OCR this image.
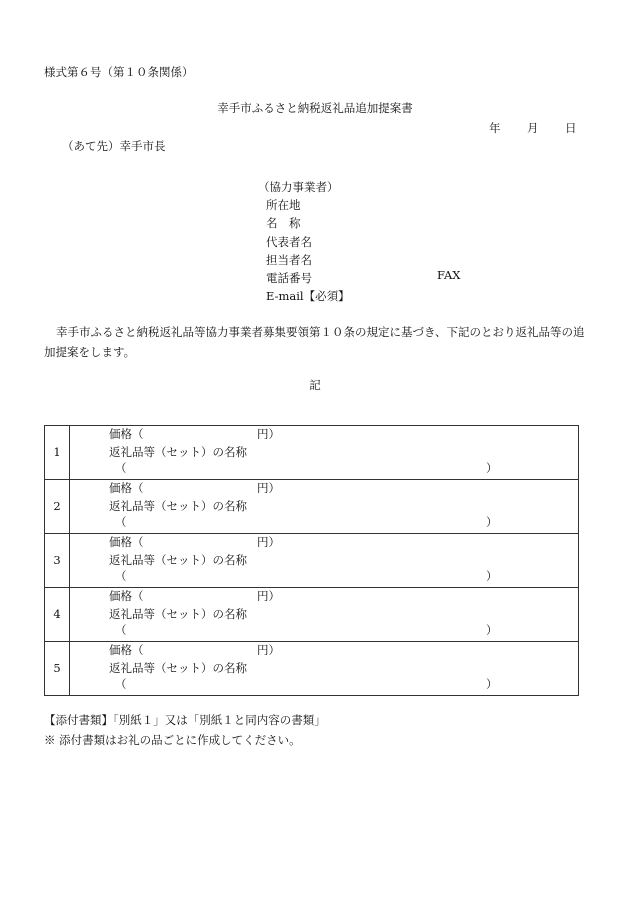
様式第６号（第１０条関係）
幸手市ふるさと納税返礼品追加提案書
年 月 日
（あて先）幸手市長
（協力事業者）
所在地
名　称
代表者名
担当者名
電話番号
E-mail【必須】
FAX
幸手市ふるさと納税返礼品等協力事業者募集要領第１０条の規定に基づき、下記のとおり返礼品等の追加提案をします。
記
1	価格（ 円）
返礼品等（セット）の名称
（ ）

2	価格（ 円）
返礼品等（セット）の名称
（ ）

3	価格（ 円）
返礼品等（セット）の名称
（ ）

4	価格（ 円）
返礼品等（セット）の名称
（ ）

5	価格（ 円）
返礼品等（セット）の名称
（ ）
【添付書類】「別紙１」又は「別紙１と同内容の書類」
※ 添付書類はお礼の品ごとに作成してください。
